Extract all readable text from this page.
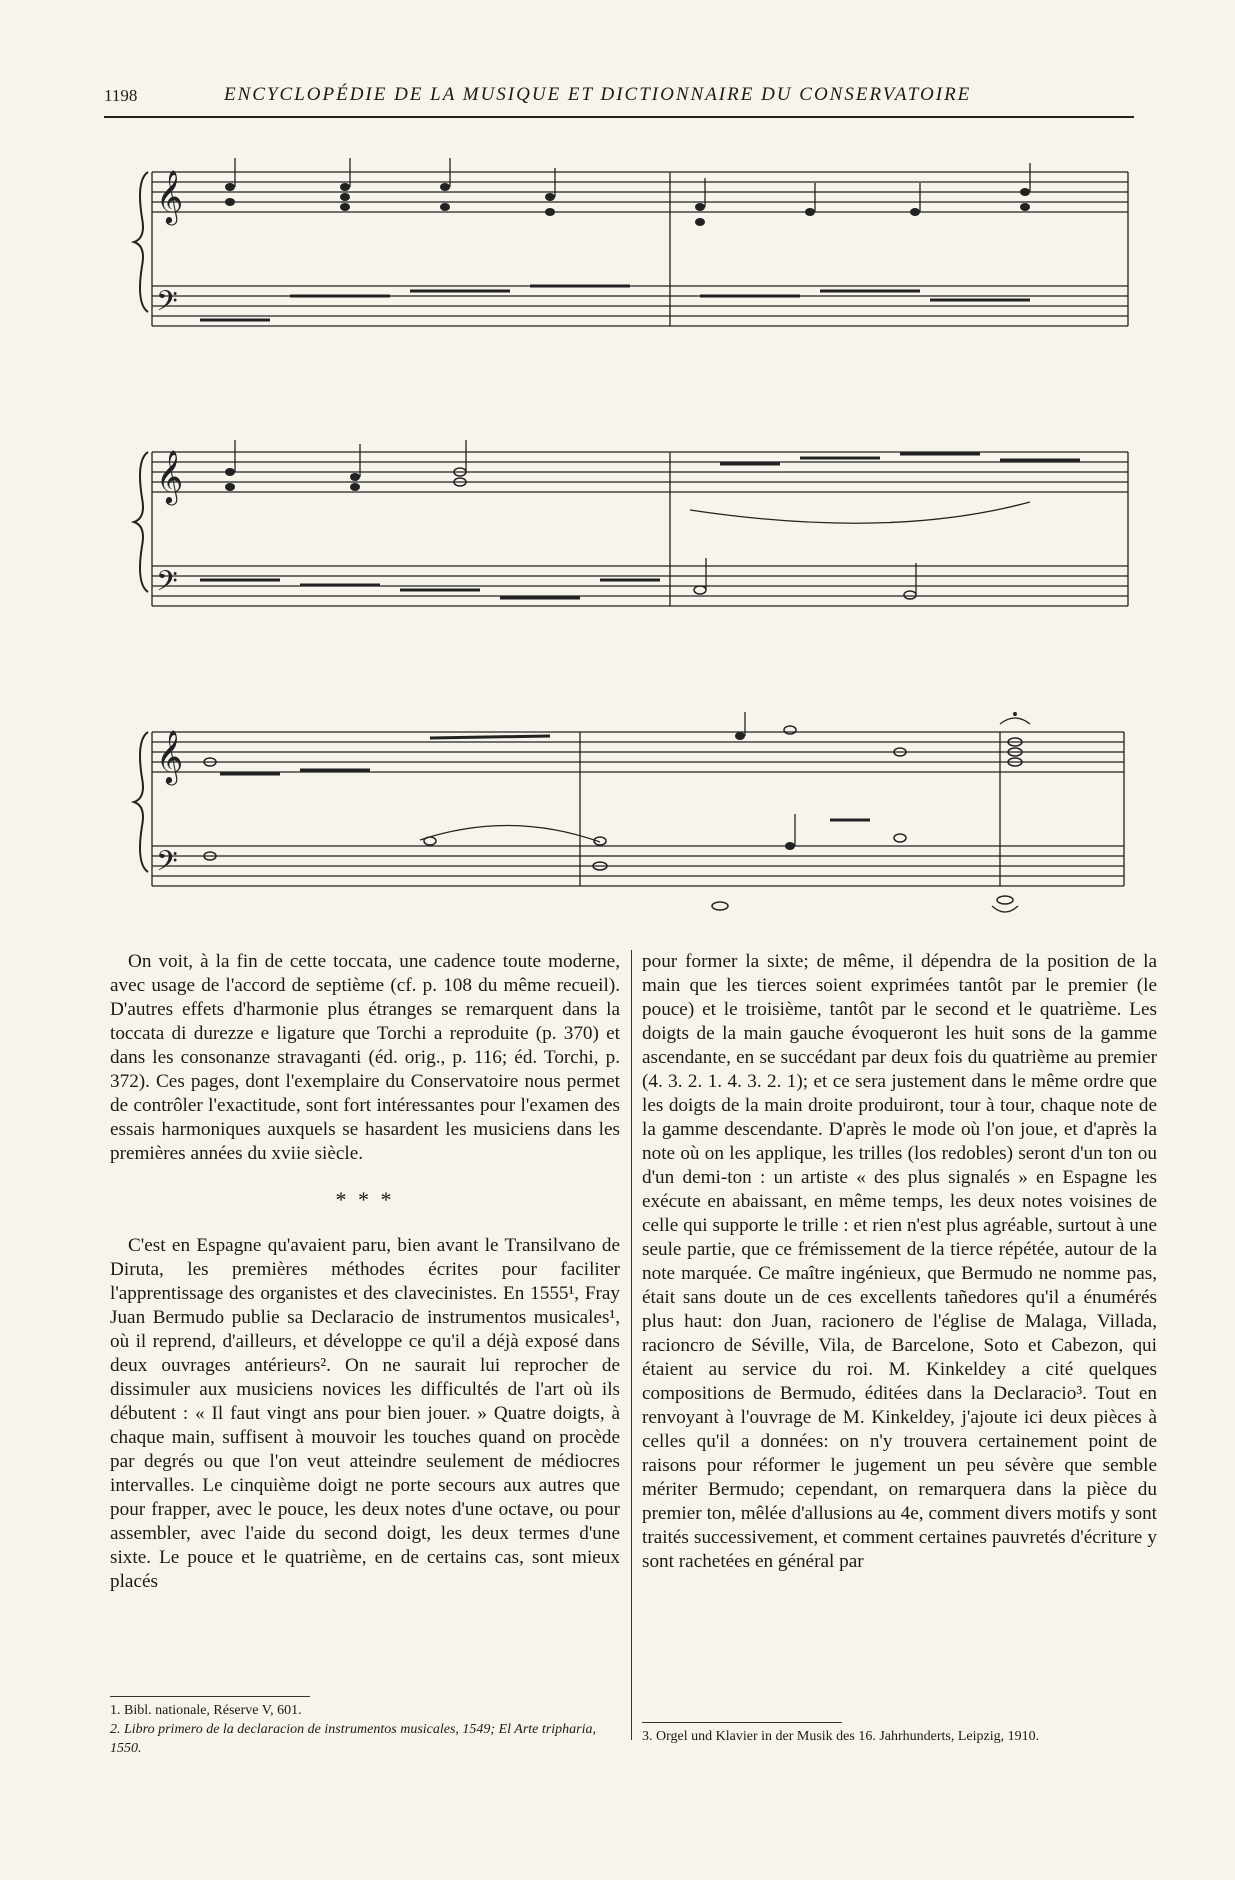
1198	ENCYCLOPÉDIE DE LA MUSIQUE ET DICTIONNAIRE DU CONSERVATOIRE
𝄞
𝄢
𝄞
𝄢
𝄞
𝄢

On voit, à la fin de cette toccata, une cadence toute moderne, avec usage de l'accord de septième (cf. p. 108 du même recueil). D'autres effets d'harmonie plus étranges se remarquent dans la toccata di durezze e ligature que Torchi a reproduite (p. 370) et dans les consonanze stravaganti (éd. orig., p. 116; éd. Torchi, p. 372). Ces pages, dont l'exemplaire du Conservatoire nous permet de contrôler l'exactitude, sont fort intéressantes pour l'examen des essais harmoniques auxquels se hasardent les musiciens dans les premières années du xviie siècle.

* * *

C'est en Espagne qu'avaient paru, bien avant le Transilvano de Diruta, les premières méthodes écrites pour faciliter l'apprentissage des organistes et des clavecinistes. En 1555¹, Fray Juan Bermudo publie sa Declaracio de instrumentos musicales¹, où il reprend, d'ailleurs, et développe ce qu'il a déjà exposé dans deux ouvrages antérieurs². On ne saurait lui reprocher de dissimuler aux musiciens novices les difficultés de l'art où ils débutent : « Il faut vingt ans pour bien jouer. » Quatre doigts, à chaque main, suffisent à mouvoir les touches quand on procède par degrés ou que l'on veut atteindre seulement de médiocres intervalles. Le cinquième doigt ne porte secours aux autres que pour frapper, avec le pouce, les deux notes d'une octave, ou pour assembler, avec l'aide du second doigt, les deux termes d'une sixte. Le pouce et le quatrième, en de certains cas, sont mieux placés

pour former la sixte; de même, il dépendra de la position de la main que les tierces soient exprimées tantôt par le premier (le pouce) et le troisième, tantôt par le second et le quatrième. Les doigts de la main gauche évoqueront les huit sons de la gamme ascendante, en se succédant par deux fois du quatrième au premier (4. 3. 2. 1. 4. 3. 2. 1); et ce sera justement dans le même ordre que les doigts de la main droite produiront, tour à tour, chaque note de la gamme descendante. D'après le mode où l'on joue, et d'après la note où on les applique, les trilles (los redobles) seront d'un ton ou d'un demi-ton : un artiste « des plus signalés » en Espagne les exécute en abaissant, en même temps, les deux notes voisines de celle qui supporte le trille : et rien n'est plus agréable, surtout à une seule partie, que ce frémissement de la tierce répétée, autour de la note marquée. Ce maître ingénieux, que Bermudo ne nomme pas, était sans doute un de ces excellents tañedores qu'il a énumérés plus haut: don Juan, racionero de l'église de Malaga, Villada, racioncro de Séville, Vila, de Barcelone, Soto et Cabezon, qui étaient au service du roi. M. Kinkeldey a cité quelques compositions de Bermudo, éditées dans la Declaracio³. Tout en renvoyant à l'ouvrage de M. Kinkeldey, j'ajoute ici deux pièces à celles qu'il a données: on n'y trouvera certainement point de raisons pour réformer le jugement un peu sévère que semble mériter Bermudo; cependant, on remarquera dans la pièce du premier ton, mêlée d'allusions au 4e, comment divers motifs y sont traités successivement, et comment certaines pauvretés d'écriture y sont rachetées en général par

1. Bibl. nationale, Réserve V, 601.
2. Libro primero de la declaracion de instrumentos musicales, 1549; El Arte tripharia, 1550.
3. Orgel und Klavier in der Musik des 16. Jahrhunderts, Leipzig, 1910.
